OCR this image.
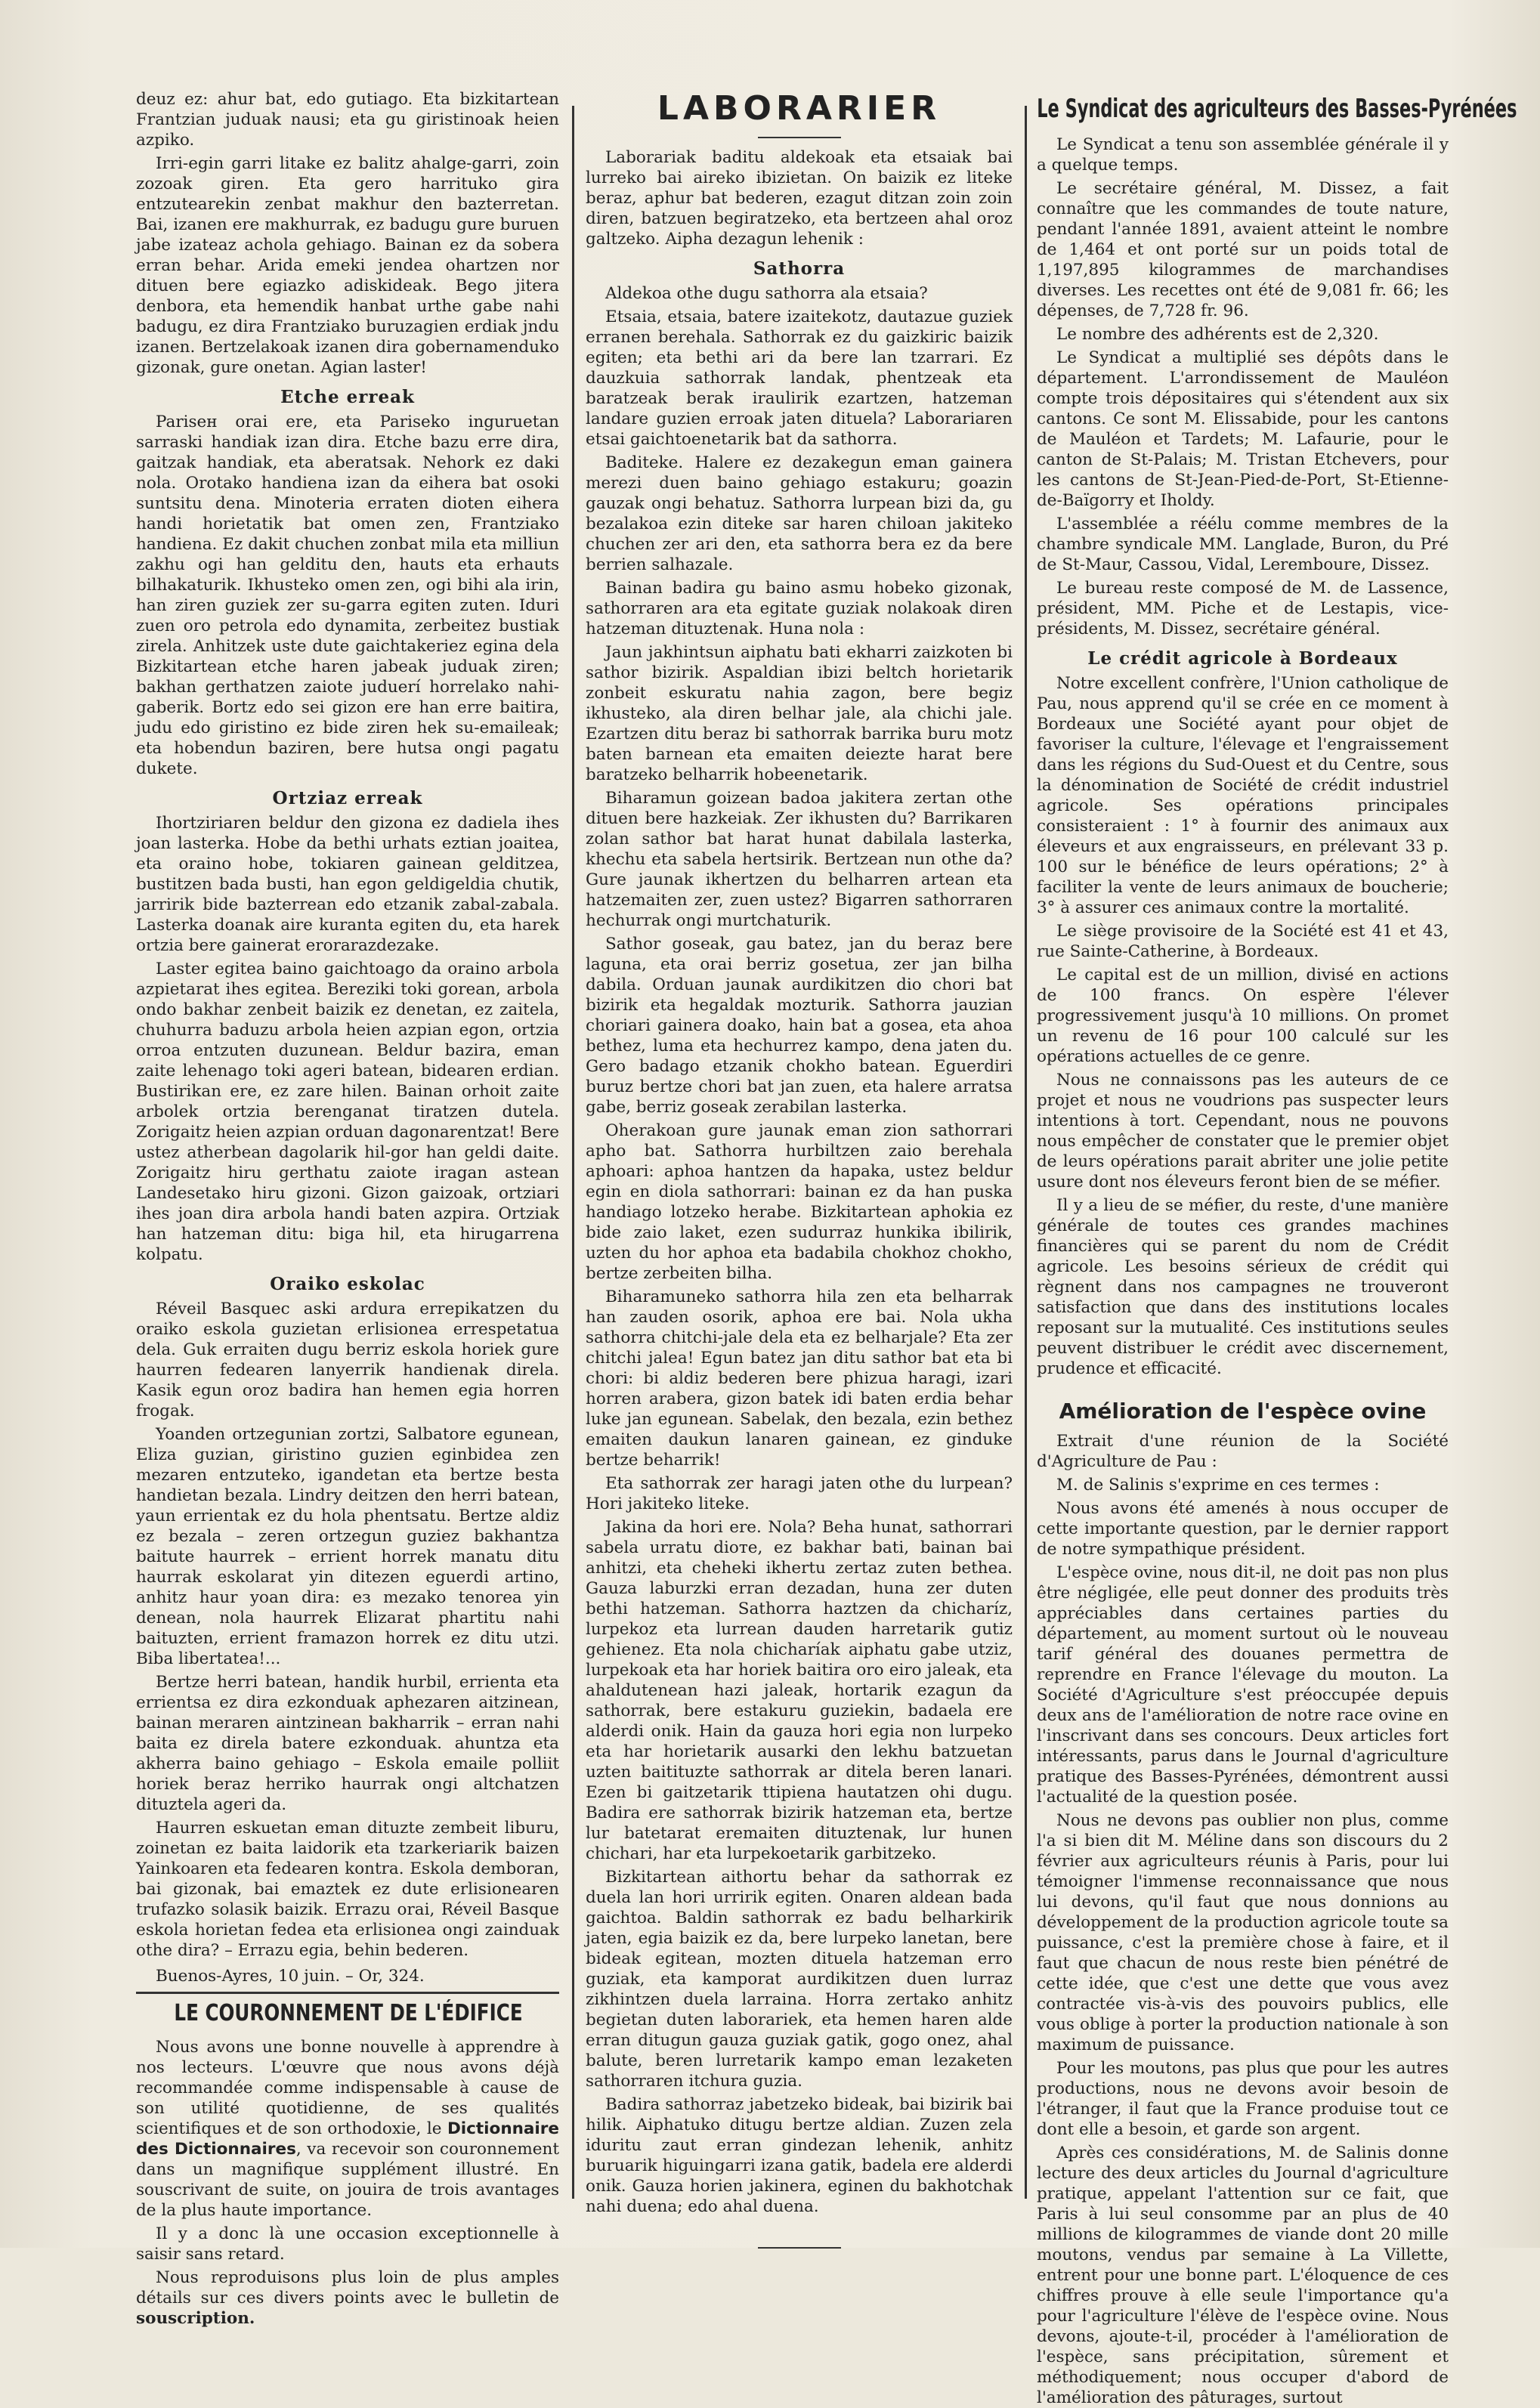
deuz ez: ahur bat, edo gutiago. Eta bizkitartean Frantzian juduak nausi; eta gu giristinoak heien azpiko.

Irri-egin garri litake ez balitz ahalge-garri, zoin zozoak giren. Eta gero harrituko gira entzutearekin zenbat makhur den bazterretan. Bai, izanen ere makhurrak, ez badugu gure buruen jabe izateaz achola gehiago. Bainan ez da sobera erran behar. Arida emeki jendea ohartzen nor dituen bere egiazko adiskideak. Bego jitera denbora, eta hemendik hanbat urthe gabe nahi badugu, ez dira Frantziako buruzagien erdiak jndu izanen. Bertzelakoak izanen dira gobernamenduko gizonak, gure onetan. Agian laster!

Etche erreak

Pariseн orai ere, eta Pariseko inguruetan sarraski handiak izan dira. Etche bazu erre dira, gaitzak handiak, eta aberatsak. Nehork ez daki nola. Orotako handiena izan da eihera bat osoki suntsitu dena. Minoteria erraten dioten eihera handi horietatik bat omen zen, Frantziako handiena. Ez dakit chuchen zonbat mila eta milliun zakhu ogi han gelditu den, hauts eta erhauts bilhakaturik. Ikhusteko omen zen, ogi bihi ala irin, han ziren guziek zer su-garra egiten zuten. Iduri zuen oro petrola edo dynamita, zerbeitez bustiak zirela. Anhitzek uste dute gaichtakeriez egina dela Bizkitartean etche haren jabeak juduak ziren; bakhan gerthatzen zaiote juduerí horrelako nahi-gaberik. Bortz edo sei gizon ere han erre baitira, judu edo giristino ez bide ziren hek su-emaileak; eta hobendun baziren, bere hutsa ongi pagatu dukete.

Ortziaz erreak

Ihortziriaren beldur den gizona ez dadiela ihes joan lasterka. Hobe da bethi urhats eztian joaitea, eta oraino hobe, tokiaren gainean gelditzea, bustitzen bada busti, han egon geldigeldia chutik, jarririk bide bazterrean edo etzanik zabal-zabala. Lasterka doanak aire kuranta egiten du, eta harek ortzia bere gainerat erorarazdezake.

Laster egitea baino gaichtoago da oraino arbola azpietarat ihes egitea. Bereziki toki gorean, arbola ondo bakhar zenbeit baizik ez denetan, ez zaitela, chuhurra baduzu arbola heien azpian egon, ortzia orroa entzuten duzunean. Beldur bazira, eman zaite lehenago toki ageri batean, bideаren erdian. Bustirikan ere, ez zare hilen. Bainan orhoit zaite arbolek ortzia berenganat tiratzen dutela. Zorigaitz heien azpian orduan dagonarentzat! Bere ustez atherbean dagolarik hil-gor han geldi daite. Zorigaitz hiru gerthatu zaiote iragan astean Landesetako hiru gizoni. Gizon gaizoak, ortziari ihes joan dira arbola handi baten azpira. Ortziak han hatzeman ditu: biga hil, eta hirugarrena kolpatu.

Oraiko eskolac

Réveil Basquec aski ardura errepikatzen du oraiko eskola guzietan erlisionea errespetatua dela. Guk erraiten dugu berriz eskola horiek gure haurren fedearen lanyerrik handienak direla. Kasik egun oroz badira han hemen egia horren frogak.

Yoanden ortzegunian zortzi, Salbatore egunean, Eliza guzian, giristino guzien eginbidea zen mezaren entzuteko, igandetan eta bertze besta handietan bezala. Lindry deitzen den herri batean, yaun errientak ez du hola phentsatu. Bertze aldiz ez bezala – zeren ortzegun guziez bakhantza baitute haurrek – errient horrek manatu ditu haurrak eskolarat yin ditezen eguerdi artino, anhitz haur yoan dira: ез mezako tenorea yin denean, nola haurrek Elizarat phartitu nahi baituzten, errient framazon horrek ez ditu utzi. Biba libertatea!...

Bertze herri batean, handik hurbil, errienta eta errientsa ez dira ezkonduak aphezaren aitzinean, bainan meraren aintzinean bakharrik – erran nahi baita ez direla batere ezkonduak. ahuntza eta akherra baino gehiago – Eskola emaile polliit horiek beraz herriko haurrak ongi altchatzen dituztela ageri da.

Haurren eskuetan eman dituzte zembeit liburu, zoinetan ez baita laidorik eta tzarkeriarik baizen Yainkoaren eta fedearen kontra. Eskola demboran, bai gizonak, bai emaztek ez dute erlisionearen trufazko solasik baizik. Errazu orai, Réveil Basque eskola horietan fedea eta erlisionea ongi zainduak othe dira? – Errazu egia, behin bederen.

Buenos-Ayres, 10 juin. – Or, 324.
LE COURONNEMENT DE L'ÉDIFICE

Nous avons une bonne nouvelle à apprendre à nos lecteurs. L'œuvre que nous avons déjà recommandée comme indispensable à cause de son utilité quotidienne, de ses qualités scientifiques et de son orthodoxie, le Dictionnaire des Dictionnaires, va recevoir son couronnement dans un magnifique supplément illustré. En souscrivant de suite, on jouira de trois avantages de la plus haute importance.

Il y a donc là une occasion exceptionnelle à saisir sans retard.

Nous reproduisons plus loin de plus amples détails sur ces divers points avec le bulletin de souscription.

LABORARIER

Laborariak baditu aldekoak eta etsaiak bai lurreko bai aireko ibizietan. On baizik ez liteke beraz, aphur bat bederen, ezagut ditzan zoin zoin diren, batzuen begiratzeko, eta bertzeen ahal oroz galtzeko. Aipha dezagun lehenik :

Sathorra

Aldekoa othe dugu sathorra ala etsaia?

Etsaia, etsaia, batere izaitekotz, dautazue guziek erranen berehala. Sathorrak ez du gaizkiric baizik egiten; eta bethi ari da bere lan tzarrari. Ez dauzkuia sathorrak landak, phentzeak eta baratzeak berak iraulirik ezartzen, hatzeman landare guzien erroak jaten dituela? Laborariaren etsai gaichtoenetarik bat da sathorra.

Baditeke. Halere ez dezakegun eman gainera merezi duen baino gehiago estakuru; goazin gauzak ongi behatuz. Sathorra lurpean bizi da, gu bezalakoa ezin diteke sar haren chiloan jakiteko chuchen zer ari den, eta sathorra bera ez da bere berrien salhazale.

Bainan badira gu baino asmu hobeko gizonak, sathorraren ara eta egitate guziak nolakoak diren hatzeman dituztenak. Huna nola :

Jaun jakhintsun aiphatu bati ekharri zaizkoten bi sathor bizirik. Aspaldian ibizi beltch horietarik zonbeit eskuratu nahia zagon, bere begiz ikhusteko, ala diren belhar jale, ala chichi jale. Ezartzen ditu beraz bi sathorrak barrika buru motz baten barnean eta emaiten deiezte harat bere baratzeko belharrik hobeenetarik.

Biharamun goizean badoa jakitera zertan othe dituen bere hazkeiak. Zer ikhusten du? Barrikaren zolan sathor bat harat hunat dabilala lasterka, khechu eta sabela hertsirik. Bertzean nun othe da? Gure jaunak ikhertzen du belharren artean eta hatzemaiten zer, zuen ustez? Bigarren sathorraren hechurrak ongi murtchaturik.

Sathor goseak, gau batez, jan du beraz bere laguna, eta orai berriz gosetua, zer jan bilha dabila. Orduan jaunak aurdikitzen dio chori bat bizirik eta hegaldak mozturik. Sathorra jauzian choriari gainera doako, hain bat a gosea, eta ahoa bethez, luma eta hechurrez kampo, dena jaten du. Gero badago etzanik chokho batean. Eguerdiri buruz bertze chori bat jan zuen, eta halere arratsa gabe, berriz goseak zerabilan lasterka.

Oherakoan gure jaunak eman zion sathorrari apho bat. Sathorra hurbiltzen zaio berehala aphoari: aphoa hantzen da hapaka, ustez beldur egin en diola sathorrari: bainan ez da han puska handiagо lotzeko herabe. Bizkitartean aphokia ez bide zaio laket, ezen sudurraz hunkika ibilirik, uzten du hor aphoa eta badabila chokhoz chokho, bertze zerbeiten bilha.

Biharamuneko sathorra hila zen eta belharrak han zauden osorik, aphoa ere bai. Nola ukha sathorra chitchi-jale dela eta ez belharjale? Eta zer chitchi jalea! Egun batez jan ditu sathor bat eta bi chori: bi aldiz bederen bere phizua haragi, izari horren arabera, gizon batek idi baten erdia behar luke jan egunean. Sabelak, den bezala, ezin bethez emaiten daukun lanaren gainean, ez ginduke bertze beharrik!

Eta sathorrak zer haragi jaten othe du lurpean? Hori jakiteko liteke.

Jakina da hori ere. Nola? Beha hunat, sathorrari sabela urratu dioте, ez bakhar bati, bainan bai anhitzi, eta cheheki ikhertu zertaz zuten bethea. Gauza laburzki erran dezadan, huna zer duten bethi hatzeman. Sathorra haztzen da chicharíz, lurpekoz eta lurrean dauden harretarik gutiz gehienez. Eta nola chicharíak aiphatu gabe utziz, lurpekoak eta har horiek baitira oro eiro jaleak, eta ahaldutenean hazi jaleak, hortarik ezagun da sathorrak, bere estakuru guziekin, badaela ere alderdi onik. Hain da gauza hori egia non lurpeko eta har horietarik ausarki den lekhu batzuetan uzten baitituzte sathorrak ar ditela beren lanari. Ezen bi gaitzetarik ttipiena hautatzen ohi dugu. Badira ere sathorrak bizirik hatzeman eta, bertze lur batetarat eremaiten dituztenak, lur hunen chichari, har eta lurpekoetarik garbitzeko.

Bizkitartean aithortu behar da sathorrak ez duela lan hori urririk egiten. Onaren aldean bada gaichtoa. Baldin sathorrak ez badu belharkirik jaten, egia baizik ez da, bere lurpeko lanetan, bere bideak egitean, mozten dituela hatzeman erro guziak, eta kamporat aurdikitzen duen lurraz zikhintzen duela larraina. Horra zertako anhitz begietan duten laborariek, eta hemen haren alde erran ditugun gauza guziak gatik, gogo onez, ahal balute, beren lurretarik kampo eman lezaketen sathorraren itchura guzia.

Badira sathorraz jabetzeko bideak, bai bizirik bai hilik. Aiphatuko ditugu bertze aldian. Zuzen zela iduritu zaut erran gindezan lehenik, anhitz buruarik higuingarri izana gatik, badela ere alderdi onik. Gauza horien jakinera, eginen du bakhotchak nahi duena; edo ahal duena.

Le Syndicat des agriculteurs des Basses-Pyrénées

Le Syndicat a tenu son assemblée générale il y a quelque temps.

Le secrétaire général, M. Dissez, a fait connaître que les commandes de toute nature, pendant l'année 1891, avaient atteint le nombre de 1,464 et ont porté sur un poids total de 1,197,895 kilogrammes de marchandises diverses. Les recettes ont été de 9,081 fr. 66; les dépenses, de 7,728 fr. 96.

Le nombre des adhérents est de 2,320.

Le Syndicat a multiplié ses dépôts dans le département. L'arrondissement de Mauléon compte trois dépositaires qui s'étendent aux six cantons. Ce sont M. Elissabide, pour les cantons de Mauléon et Tardets; M. Lafaurie, pour le canton de St-Palais; M. Tristan Etchevers, pour les cantons de St-Jean-Pied-de-Port, St-Etienne-de-Baïgorry et Iholdy.

L'assemblée a réélu comme membres de la chambre syndicale MM. Langlade, Buron, du Pré de St-Maur, Cassou, Vidal, Lerembourе, Dissez.

Le bureau reste composé de M. de Lassence, président, MM. Piche et de Lestapis, vice-présidents, M. Dissez, secrétaire général.

Le crédit agricole à Bordeaux

Notre excellent confrère, l'Union catholique de Pau, nous apprend qu'il se crée en ce moment à Bordeaux une Société ayant pour objet de favoriser la culture, l'élevage et l'engraissement dans les régions du Sud-Ouest et du Centre, sous la dénomination de Société de crédit industriel agricole. Ses opérations principales consisteraient : 1° à fournir des animaux aux éleveurs et aux engraisseurs, en prélevant 33 p. 100 sur le bénéfice de leurs opérations; 2° à faciliter la vente de leurs animaux de boucherie; 3° à assurer ces animaux contre la mortalité.

Le siège provisoire de la Société est 41 et 43, rue Sainte-Catherine, à Bordeaux.

Le capital est de un million, divisé en actions de 100 francs. On espère l'élever progressivement jusqu'à 10 millions. On promet un revenu de 16 pour 100 calculé sur les opérations actuelles de ce genre.

Nous ne connaissons pas les auteurs de ce projet et nous ne voudrions pas suspecter leurs intentions à tort. Cependant, nous ne pouvons nous empêcher de constater que le premier objet de leurs opérations parait abriter une jolie petite usure dont nos éleveurs feront bien de se méfier.

Il y a lieu de se méfier, du reste, d'une manière générale de toutes ces grandes machines financières qui se parent du nom de Crédit agricole. Les besoins sérieux de crédit qui règnent dans nos campagnes ne trouveront satisfaction que dans des institutions locales reposant sur la mutualité. Ces institutions seules peuvent distribuer le crédit avec discernement, prudence et efficacité.

Amélioration de l'espèce ovine

Extrait d'une réunion de la Société d'Agriculture de Pau :

M. de Salinis s'exprime en ces termes :

Nous avons été amenés à nous occuper de cette importante question, par le dernier rapport de notre sympathique président.

L'espèce ovine, nous dit-il, ne doit pas non plus être négligée, elle peut donner des produits très appréciables dans certaines parties du département, au moment surtout où le nouveau tarif général des douanes permettra de reprendre en France l'élevage du mouton. La Société d'Agriculture s'est préoccupée depuis deux ans de l'amélioration de notre race ovine en l'inscrivant dans ses concours. Deux articles fort intéressants, parus dans le Journal d'agriculture pratique des Basses-Pyrénées, démontrent aussi l'actualité de la question posée.

Nous ne devons pas oublier non plus, comme l'a si bien dit M. Méline dans son discours du 2 février aux agriculteurs réunis à Paris, pour lui témoigner l'immense reconnaissance que nous lui devons, qu'il faut que nous donnions au développement de la production agricole toute sa puissance, c'est la première chose à faire, et il faut que chacun de nous reste bien pénétré de cette idée, que c'est une dette que vous avez contractée vis-à-vis des pouvoirs publics, elle vous oblige à porter la production nationale à son maximum de puissance.

Pour les moutons, pas plus que pour les autres productions, nous ne devons avoir besoin de l'étranger, il faut que la France produise tout ce dont elle a besoin, et garde son argent.

Après ces considérations, M. de Salinis donne lecture des deux articles du Journal d'agriculture pratique, appelant l'attention sur ce fait, que Paris à lui seul consomme par an plus de 40 millions de kilogrammes de viande dont 20 mille moutons, vendus par semaine à La Villette, entrent pour une bonne part. L'éloquence de ces chiffres prouve à elle seule l'importance qu'a pour l'agriculture l'élève de l'espèce ovine. Nous devons, ajoute-t-il, procéder à l'amélioration de l'espèce, sans précipitation, sûrement et méthodiquement; nous occuper d'abord de l'amélioration des pâturages, surtout
